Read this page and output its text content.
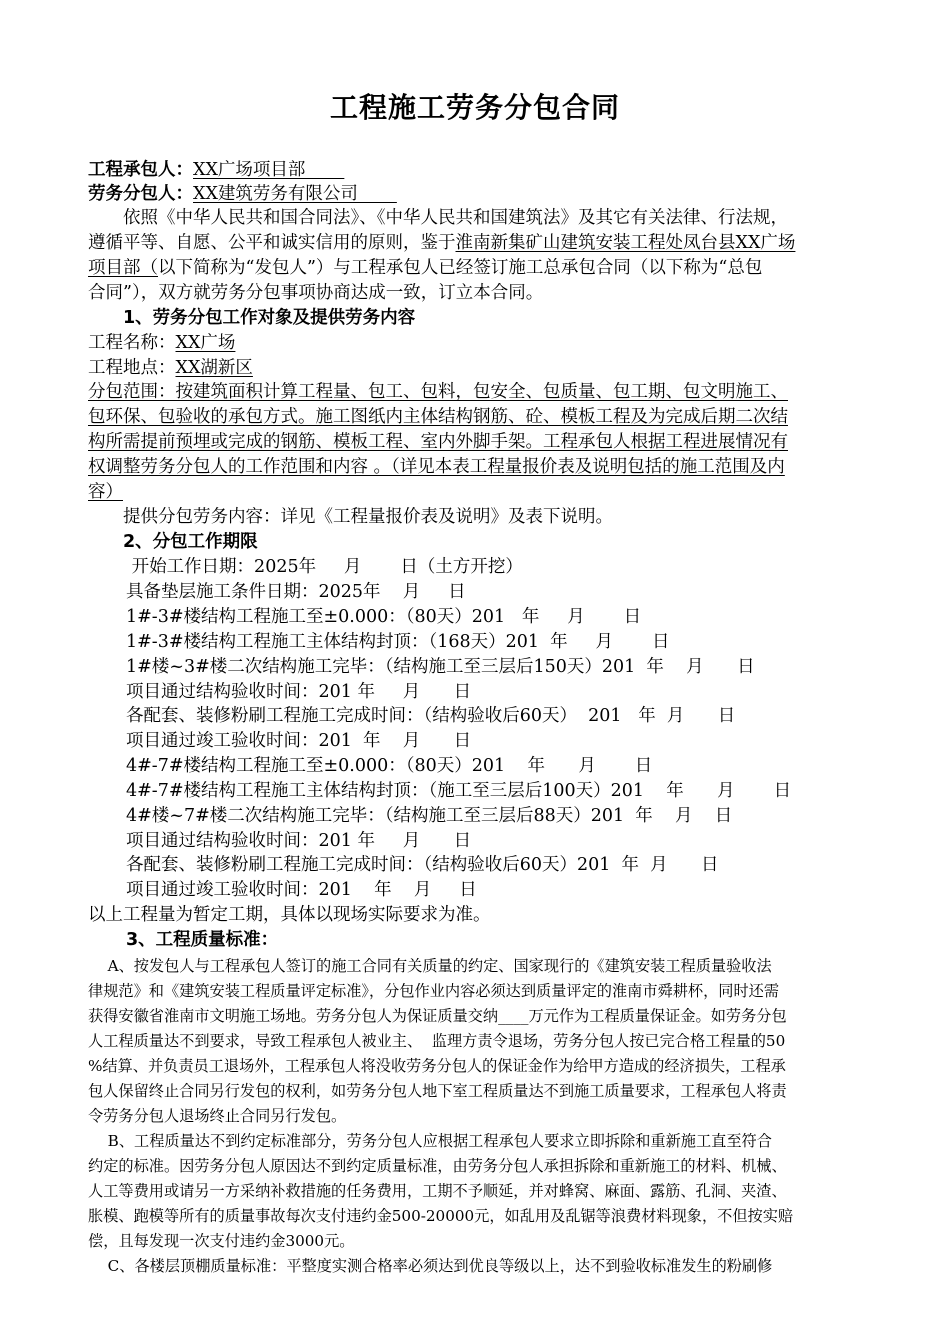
工程施工劳务分包合同
工程承包人：XX广场项目部
劳务分包人：XX建筑劳务有限公司
依照《中华人民共和国合同法》、《中华人民共和国建筑法》及其它有关法律、行法规，
遵循平等、自愿、公平和诚实信用的原则，鉴于淮南新集矿山建筑安装工程处凤台县XX广场
项目部（以下简称为“发包人”）与工程承包人已经签订施工总承包合同（以下称为“总包
合同”），双方就劳务分包事项协商达成一致，订立本合同。
1、劳务分包工作对象及提供劳务内容
工程名称：XX广场
工程地点：XX湖新区
分包范围：按建筑面积计算工程量、包工、包料，包安全、包质量、包工期、包文明施工、
包环保、包验收的承包方式。施工图纸内主体结构钢筋、砼、模板工程及为完成后期二次结
构所需提前预埋或完成的钢筋、模板工程、室内外脚手架。工程承包人根据工程进展情况有
权调整劳务分包人的工作范围和内容 。（详见本表工程量报价表及说明包括的施工范围及内
容）
提供分包劳务内容：详见《工程量报价表及说明》及表下说明。
2、分包工作期限
开始工作日期：2025年     月       日（土方开挖）
具备垫层施工条件日期：2025年    月     日
1#-3#楼结构工程施工至±0.000：（80天）201   年     月       日
1#-3#楼结构工程施工主体结构封顶：（168天）201  年     月       日
1#楼~3#楼二次结构施工完毕：（结构施工至三层后150天）201  年    月      日
项目通过结构验收时间：201 年     月      日
各配套、装修粉刷工程施工完成时间：（结构验收后60天）  201   年  月      日
项目通过竣工验收时间：201  年    月      日
4#-7#楼结构工程施工至±0.000：（80天）201    年      月       日
4#-7#楼结构工程施工主体结构封顶：（施工至三层后100天）201    年      月       日
4#楼~7#楼二次结构施工完毕：（结构施工至三层后88天）201  年    月    日
项目通过结构验收时间：201 年     月      日
各配套、装修粉刷工程施工完成时间：（结构验收后60天）201  年  月      日
项目通过竣工验收时间：201    年    月     日
以上工程量为暂定工期，具体以现场实际要求为准。
3、工程质量标准：
A、按发包人与工程承包人签订的施工合同有关质量的约定、国家现行的《建筑安装工程质量验收法
律规范》和《建筑安装工程质量评定标准》，分包作业内容必须达到质量评定的淮南市舜耕杯，同时还需
获得安徽省淮南市文明施工场地。劳务分包人为保证质量交纳____万元作为工程质量保证金。如劳务分包
人工程质量达不到要求，导致工程承包人被业主、  监理方责令退场，劳务分包人按已完合格工程量的50
%结算、并负责员工退场外，工程承包人将没收劳务分包人的保证金作为给甲方造成的经济损失，工程承
包人保留终止合同另行发包的权利，如劳务分包人地下室工程质量达不到施工质量要求，工程承包人将责
令劳务分包人退场终止合同另行发包。
B、工程质量达不到约定标准部分，劳务分包人应根据工程承包人要求立即拆除和重新施工直至符合
约定的标准。因劳务分包人原因达不到约定质量标准，由劳务分包人承担拆除和重新施工的材料、机械、
人工等费用或请另一方采纳补救措施的任务费用，工期不予顺延，并对蜂窝、麻面、露筋、孔洞、夹渣、
胀模、跑模等所有的质量事故每次支付违约金500-20000元，如乱用及乱锯等浪费材料现象，不但按实赔
偿，且每发现一次支付违约金3000元。
C、各楼层顶棚质量标准：平整度实测合格率必须达到优良等级以上，达不到验收标准发生的粉刷修
